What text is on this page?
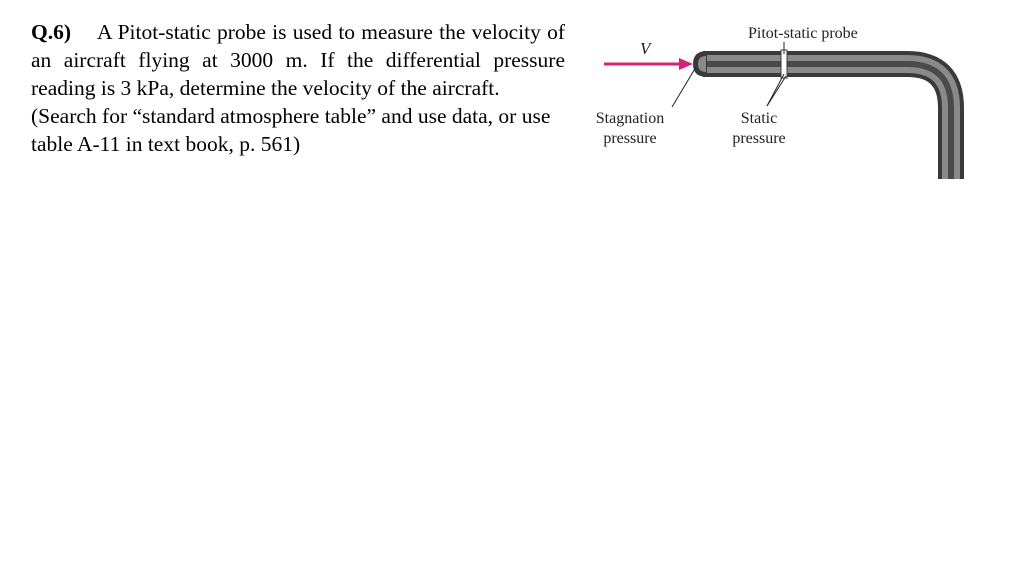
Q.6) A Pitot-static probe is used to measure the velocity of an aircraft flying at 3000 m. If the differential pressure reading is 3 kPa, determine the velocity of the aircraft.

(Search for “standard atmosphere table” and use data, or use table A-11 in text book, p. 561)

V
Pitot-static probe
Stagnation
pressure
Static
pressure
